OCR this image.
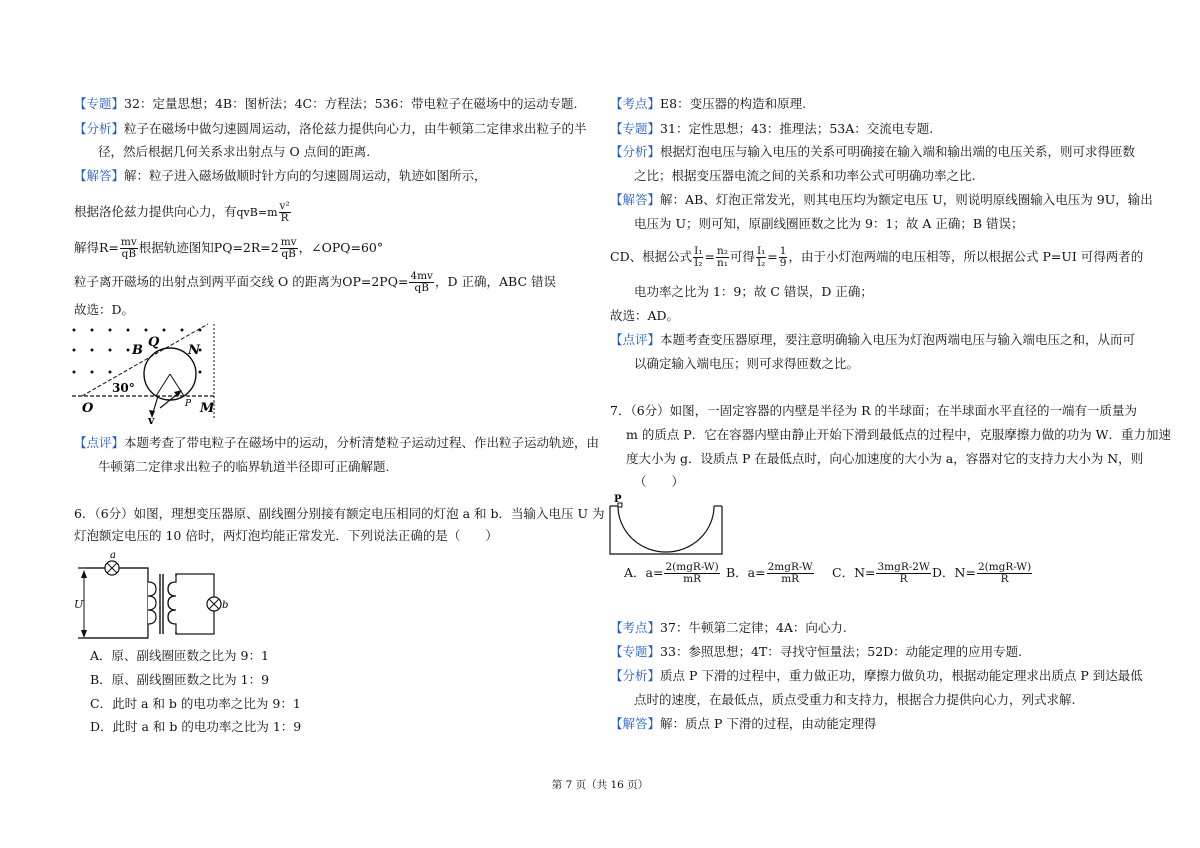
【专题】32：定量思想；4B：图析法；4C：方程法；536：带电粒子在磁场中的运动专题.
【分析】粒子在磁场中做匀速圆周运动，洛伦兹力提供向心力，由牛顿第二定律求出粒子的半
径，然后根据几何关系求出射点与 O 点间的距离.
【解答】解：粒子进入磁场做顺时针方向的匀速圆周运动，轨迹如图所示，
根据洛伦兹力提供向心力，有$qvB=m \frac{\text{v²}}{R}$
解得$R= \frac{mv}{qB}$ 根据轨迹图知$PQ=2R=2 \frac{mv}{qB}$ ，∠OPQ=60°
粒子离开磁场的出射点到两平面交线 O 的距离为$OP=2PQ= \frac{4mv}{qB}$ ，D 正确，ABC 错误
故选：D。
B
Q
N
30°
O	P M
v
【点评】本题考查了带电粒子在磁场中的运动，分析清楚粒子运动过程、作出粒子运动轨迹，由
牛顿第二定律求出粒子的临界轨道半径即可正确解题.
6．（6分）如图，理想变压器原、副线圈分别接有额定电压相同的灯泡 a 和 b．当输入电压 U 为
灯泡额定电压的 10 倍时，两灯泡均能正常发光．下列说法正确的是（　　）
a
b
U
A．原、副线圈匝数之比为 9：1
B．原、副线圈匝数之比为 1：9
C．此时 a 和 b 的电功率之比为 9：1
D．此时 a 和 b 的电功率之比为 1：9
【考点】E8：变压器的构造和原理.
【专题】31：定性思想；43：推理法；53A：交流电专题.
【分析】根据灯泡电压与输入电压的关系可明确接在输入端和输出端的电压关系，则可求得匝数
之比；根据变压器电流之间的关系和功率公式可明确功率之比.
【解答】解：AB、灯泡正常发光，则其电压均为额定电压 U，则说明原线圈输入电压为 9U，输出
电压为 U；则可知，原副线圈匝数之比为 9：1；故 A 正确；B 错误；
CD、根据公式 $\frac{\text{I₁}}{\text{I₂}} = \frac{\text{n₂}}{\text{n₁}}$ 可得 $\frac{\text{I₁}}{\text{I₂}} = \frac{1}{9}$ ，由于小灯泡两端的电压相等，所以根据公式 P=UI 可得两者的
电功率之比为 1：9；故 C 错误，D 正确；
故选：AD。
【点评】本题考查变压器原理，要注意明确输入电压为灯泡两端电压与输入端电压之和，从而可
以确定输入端电压；则可求得匝数之比。
7．（6分）如图，一固定容器的内壁是半径为 R 的半球面；在半球面水平直径的一端有一质量为
m 的质点 P．它在容器内壁由静止开始下滑到最低点的过程中，克服摩擦力做的功为 W．重力加速
度大小为 g．设质点 P 在最低点时，向心加速度的大小为 a，容器对它的支持力大小为 N，则
（　　）
P
A．$a= \frac{\text{2(mgR-W)}}{mR}$ B．$a= \frac{\text{2mgR-W}}{mR}$ C．$N= \frac{\text{3mgR-2W}}{R}$ D．$N= \frac{\text{2(mgR-W)}}{R}$
【考点】37：牛顿第二定律；4A：向心力.
【专题】33：参照思想；4T：寻找守恒量法；52D：动能定理的应用专题.
【分析】质点 P 下滑的过程中，重力做正功，摩擦力做负功，根据动能定理求出质点 P 到达最低
点时的速度，在最低点，质点受重力和支持力，根据合力提供向心力，列式求解.
【解答】解：质点 P 下滑的过程，由动能定理得
第 7 页（共 16 页）
